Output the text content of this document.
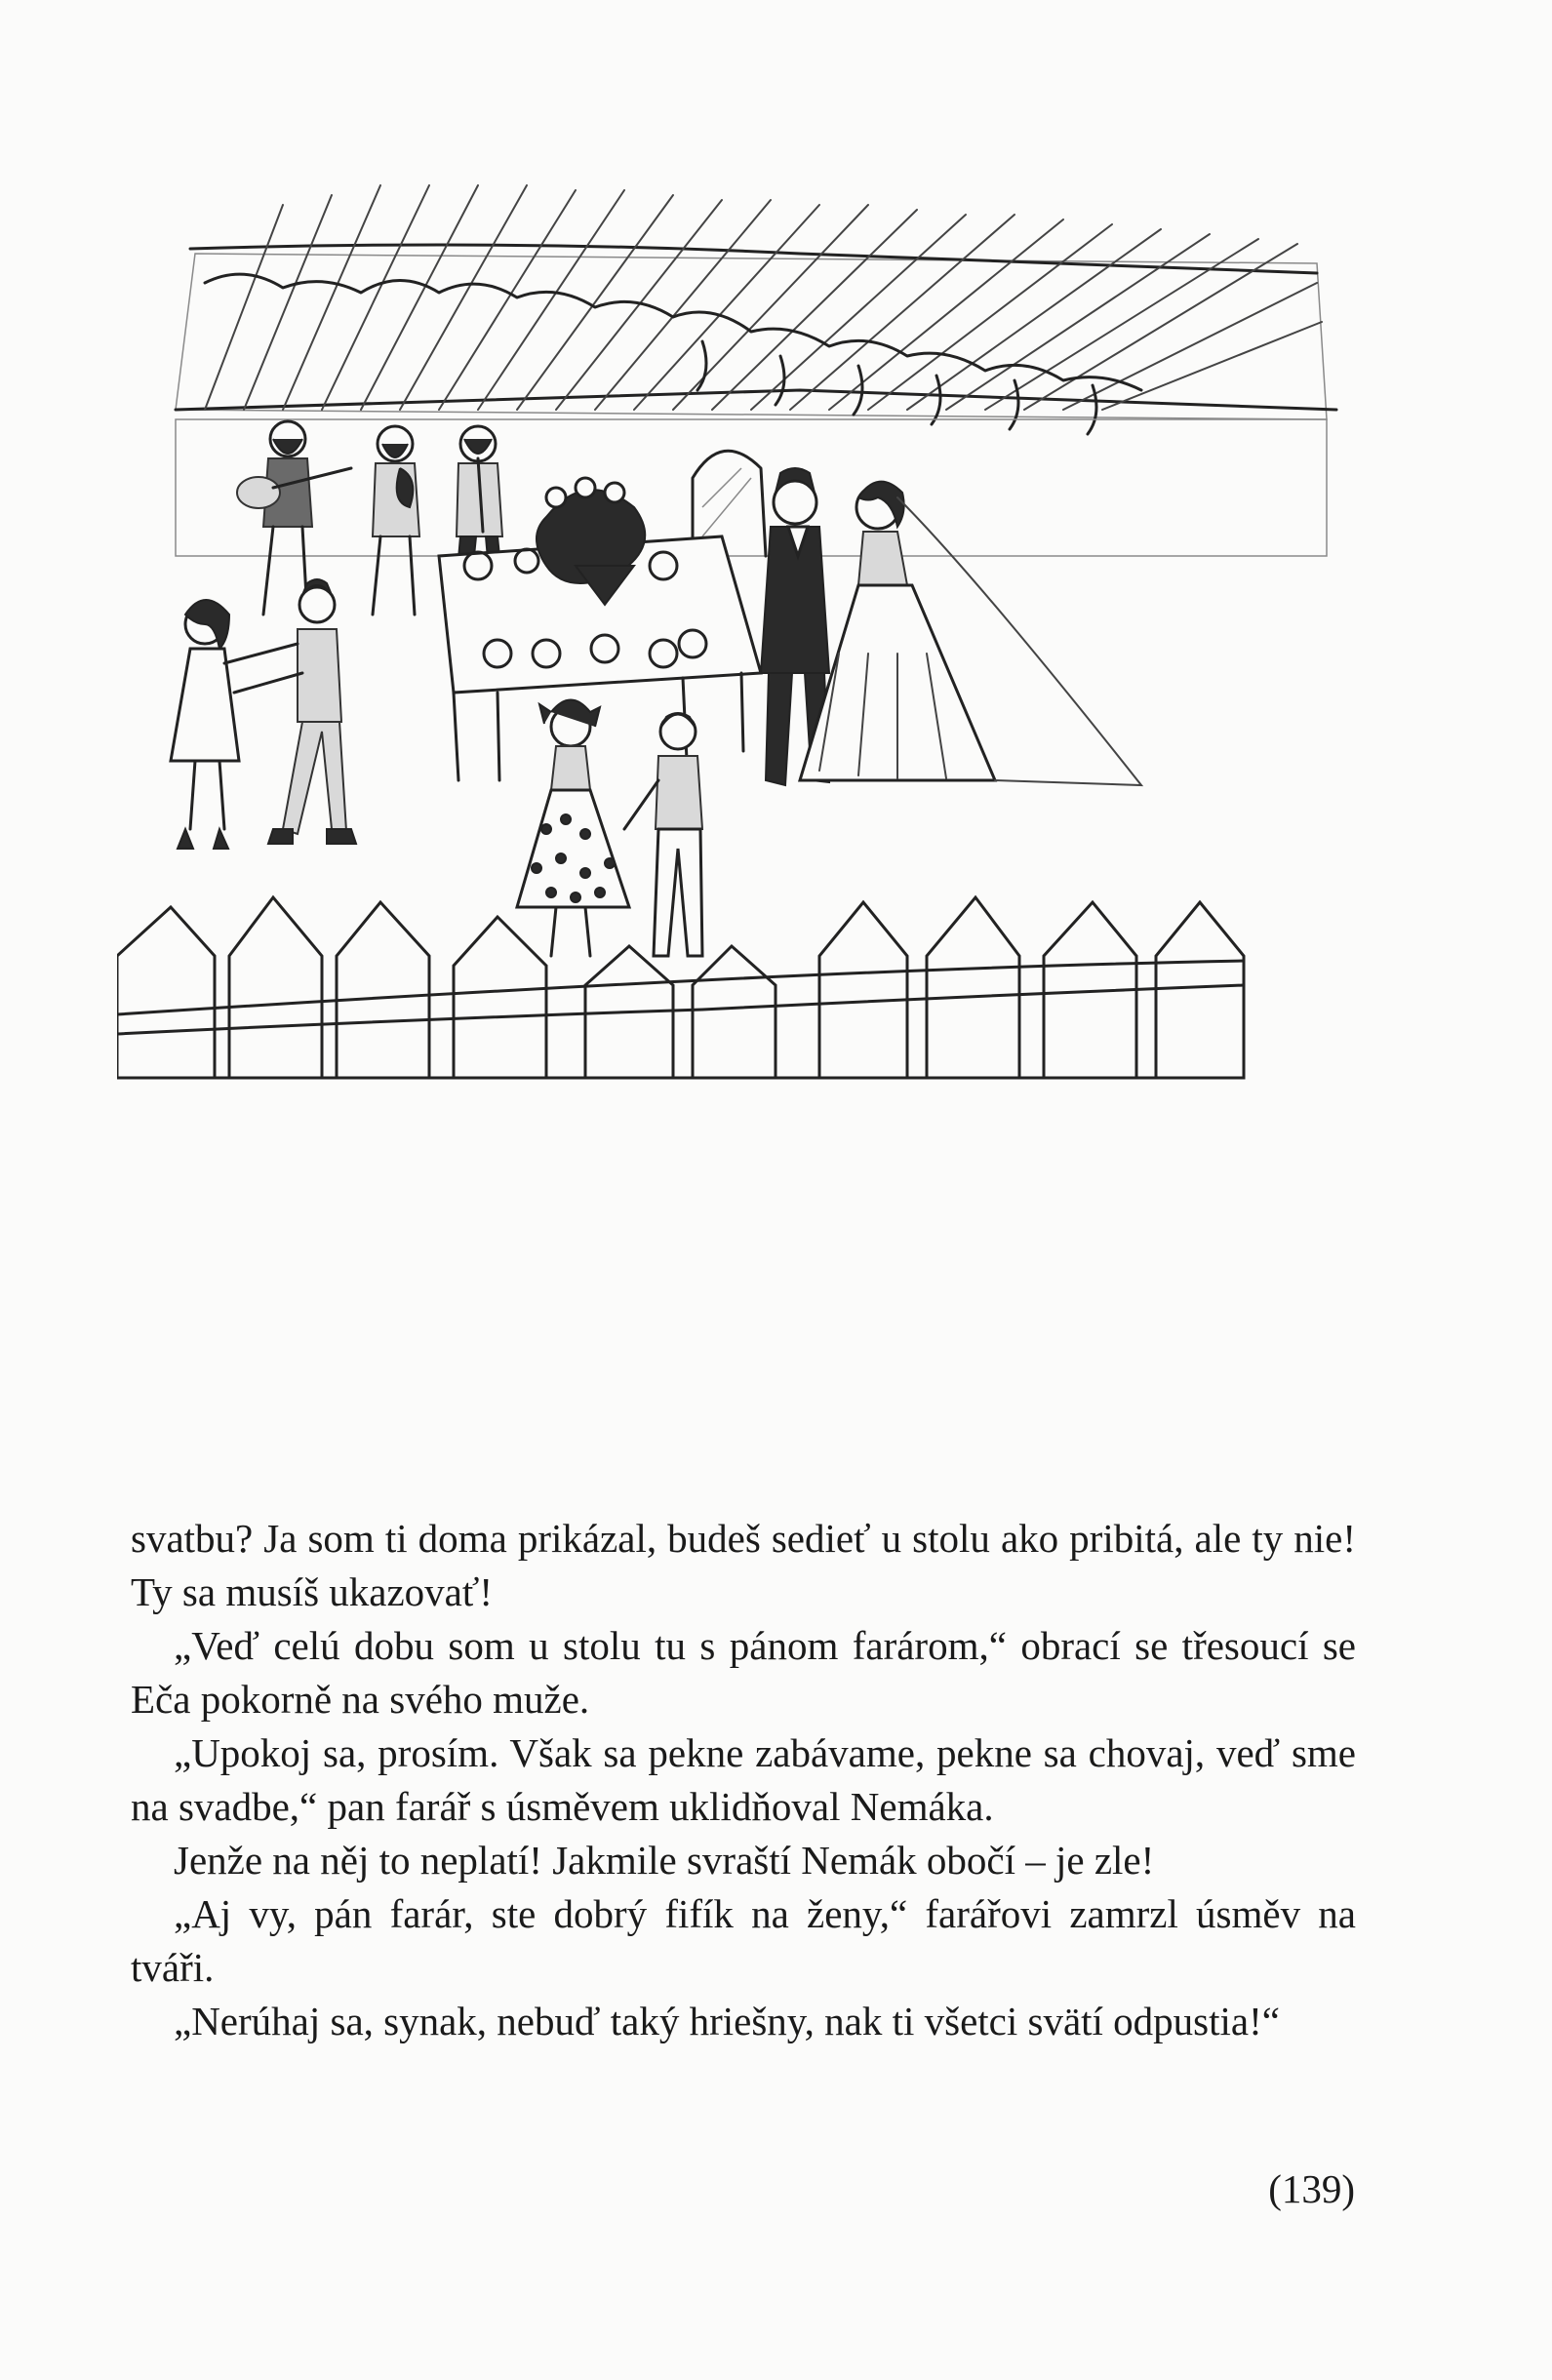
svatbu? Ja som ti doma prikázal, budeš sedieť u stolu ako pribitá, ale ty nie! Ty sa musíš ukazovať!

„Veď celú dobu som u stolu tu s pánom farárom,“ obrací se třesoucí se Eča pokorně na svého muže.

„Upokoj sa, prosím. Však sa pekne zabávame, pekne sa chovaj, veď sme na svadbe,“ pan farář s úsměvem uklidňoval Nemáka.

Jenže na něj to neplatí! Jakmile svraští Nemák obočí – je zle!

„Aj vy, pán farár, ste dobrý fifík na ženy,“ farářovi zamrzl úsměv na tváři.

„Nerúhaj sa, synak, nebuď taký hriešny, nak ti všetci svätí odpustia!“

(139)
